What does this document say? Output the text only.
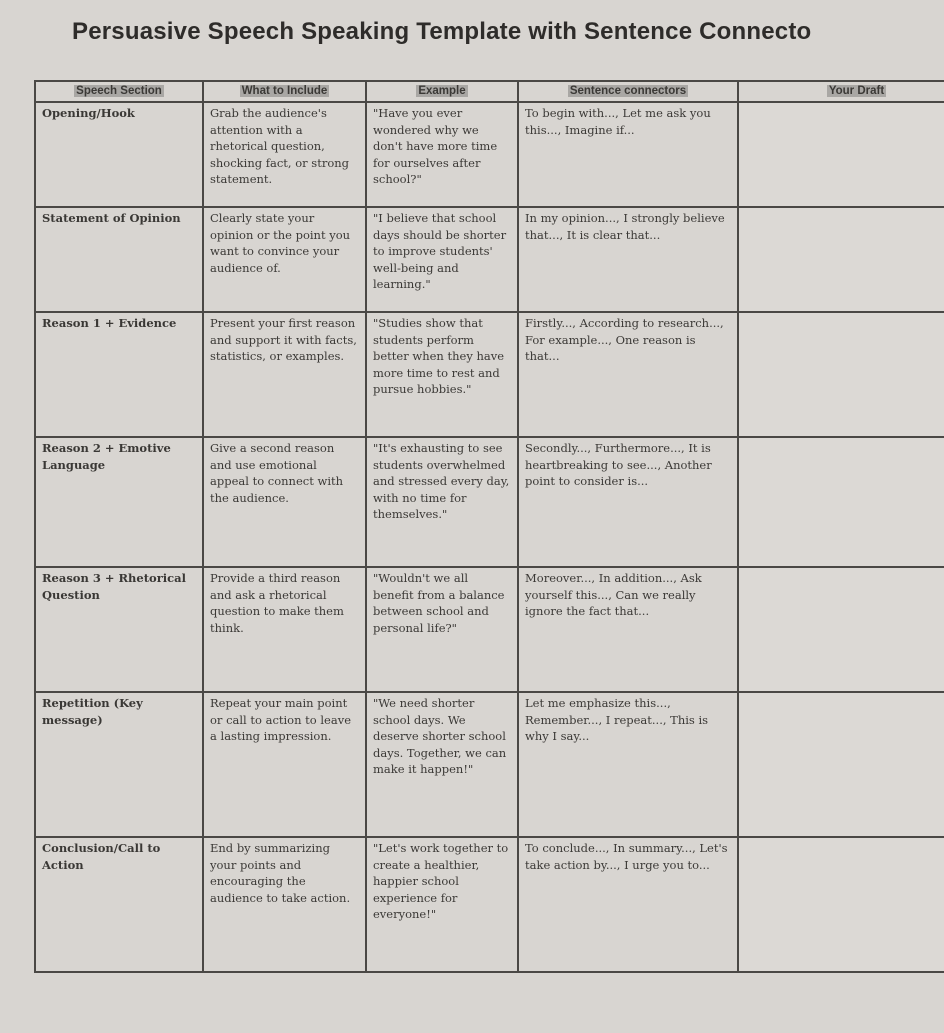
Persuasive Speech Speaking Template with Sentence Connecto
Speech Section	What to Include	Example	Sentence connectors	Your Draft
Opening/Hook	Grab the audience's attention with a rhetorical question, shocking fact, or strong statement.	"Have you ever wondered why we don't have more time for ourselves after school?"	To begin with..., Let me ask you this..., Imagine if...	
Statement of Opinion	Clearly state your opinion or the point you want to convince your audience of.	"I believe that school days should be shorter to improve students' well-being and learning."	In my opinion..., I strongly believe that..., It is clear that...	
Reason 1 + Evidence	Present your first reason and support it with facts, statistics, or examples.	"Studies show that students perform better when they have more time to rest and pursue hobbies."	Firstly..., According to research..., For example..., One reason is that...	
Reason 2 + Emotive Language	Give a second reason and use emotional appeal to connect with the audience.	"It's exhausting to see students overwhelmed and stressed every day, with no time for themselves."	Secondly..., Furthermore..., It is heartbreaking to see..., Another point to consider is...	
Reason 3 + Rhetorical Question	Provide a third reason and ask a rhetorical question to make them think.	"Wouldn't we all benefit from a balance between school and personal life?"	Moreover..., In addition..., Ask yourself this..., Can we really ignore the fact that...	
Repetition (Key message)	Repeat your main point or call to action to leave a lasting impression.	"We need shorter school days. We deserve shorter school days. Together, we can make it happen!"	Let me emphasize this..., Remember..., I repeat..., This is why I say...	
Conclusion/Call to Action	End by summarizing your points and encouraging the audience to take action.	"Let's work together to create a healthier, happier school experience for everyone!"	To conclude..., In summary..., Let's take action by..., I urge you to...	
